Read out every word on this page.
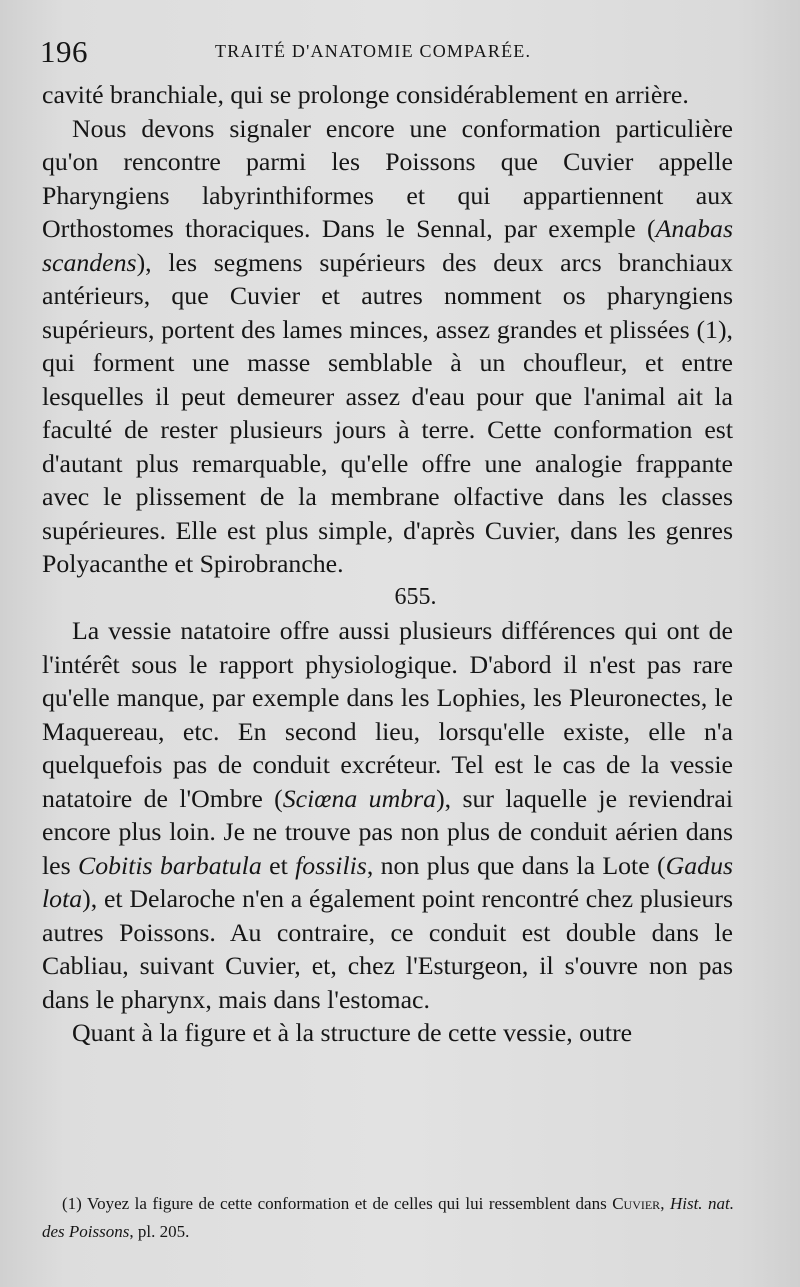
196	TRAITÉ D'ANATOMIE COMPARÉE.

cavité branchiale, qui se prolonge considérablement en arrière.

Nous devons signaler encore une conformation particulière qu'on rencontre parmi les Poissons que Cuvier appelle Pharyngiens labyrinthiformes et qui appartiennent aux Orthostomes thoraciques. Dans le Sennal, par exemple (Anabas scandens), les segmens supérieurs des deux arcs branchiaux antérieurs, que Cuvier et autres nomment os pharyngiens supérieurs, portent des lames minces, assez grandes et plissées (1), qui forment une masse semblable à un choufleur, et entre lesquelles il peut demeurer assez d'eau pour que l'animal ait la faculté de rester plusieurs jours à terre. Cette conformation est d'autant plus remarquable, qu'elle offre une analogie frappante avec le plissement de la membrane olfactive dans les classes supérieures. Elle est plus simple, d'après Cuvier, dans les genres Polyacanthe et Spirobranche.

655.

La vessie natatoire offre aussi plusieurs différences qui ont de l'intérêt sous le rapport physiologique. D'abord il n'est pas rare qu'elle manque, par exemple dans les Lophies, les Pleuronectes, le Maquereau, etc. En second lieu, lorsqu'elle existe, elle n'a quelquefois pas de conduit excréteur. Tel est le cas de la vessie natatoire de l'Ombre (Sciœna umbra), sur laquelle je reviendrai encore plus loin. Je ne trouve pas non plus de conduit aérien dans les Cobitis barbatula et fossilis, non plus que dans la Lote (Gadus lota), et Delaroche n'en a également point rencontré chez plusieurs autres Poissons. Au contraire, ce conduit est double dans le Cabliau, suivant Cuvier, et, chez l'Esturgeon, il s'ouvre non pas dans le pharynx, mais dans l'estomac.

Quant à la figure et à la structure de cette vessie, outre

(1) Voyez la figure de cette conformation et de celles qui lui ressemblent dans Cuvier, Hist. nat. des Poissons, pl. 205.
